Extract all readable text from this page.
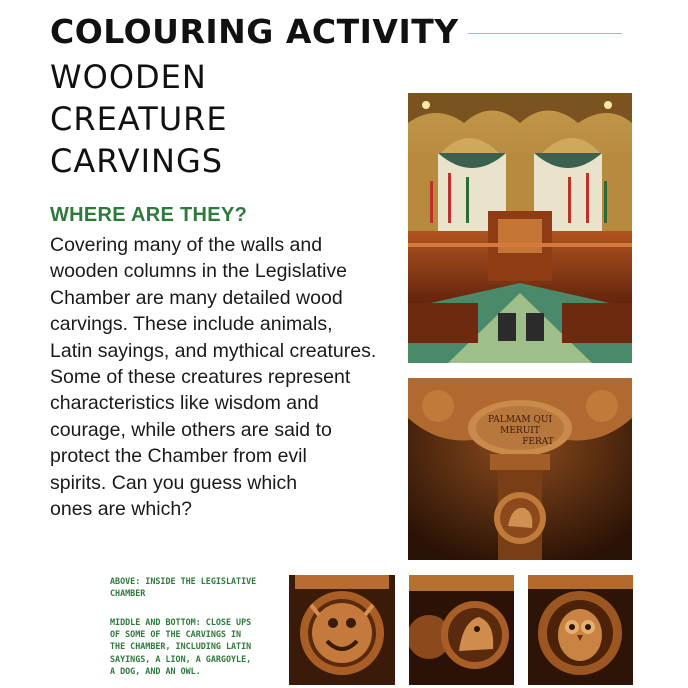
COLOURING ACTIVITY
WOODEN
CREATURE
CARVINGS
WHERE ARE THEY?
Covering many of the walls and
wooden columns in the Legislative
Chamber are many detailed wood
carvings. These include animals,
Latin sayings, and mythical creatures.
Some of these creatures represent
characteristics like wisdom and
courage, while others are said to
protect the Chamber from evil
spirits. Can you guess which
ones are which?
ABOVE: INSIDE THE LEGISLATIVE
CHAMBER
MIDDLE AND BOTTOM: CLOSE UPS
OF SOME OF THE CARVINGS IN
THE CHAMBER, INCLUDING LATIN
SAYINGS, A LION, A GARGOYLE,
A DOG, AND AN OWL.
PALMAM QUI
MERUIT
FERAT
